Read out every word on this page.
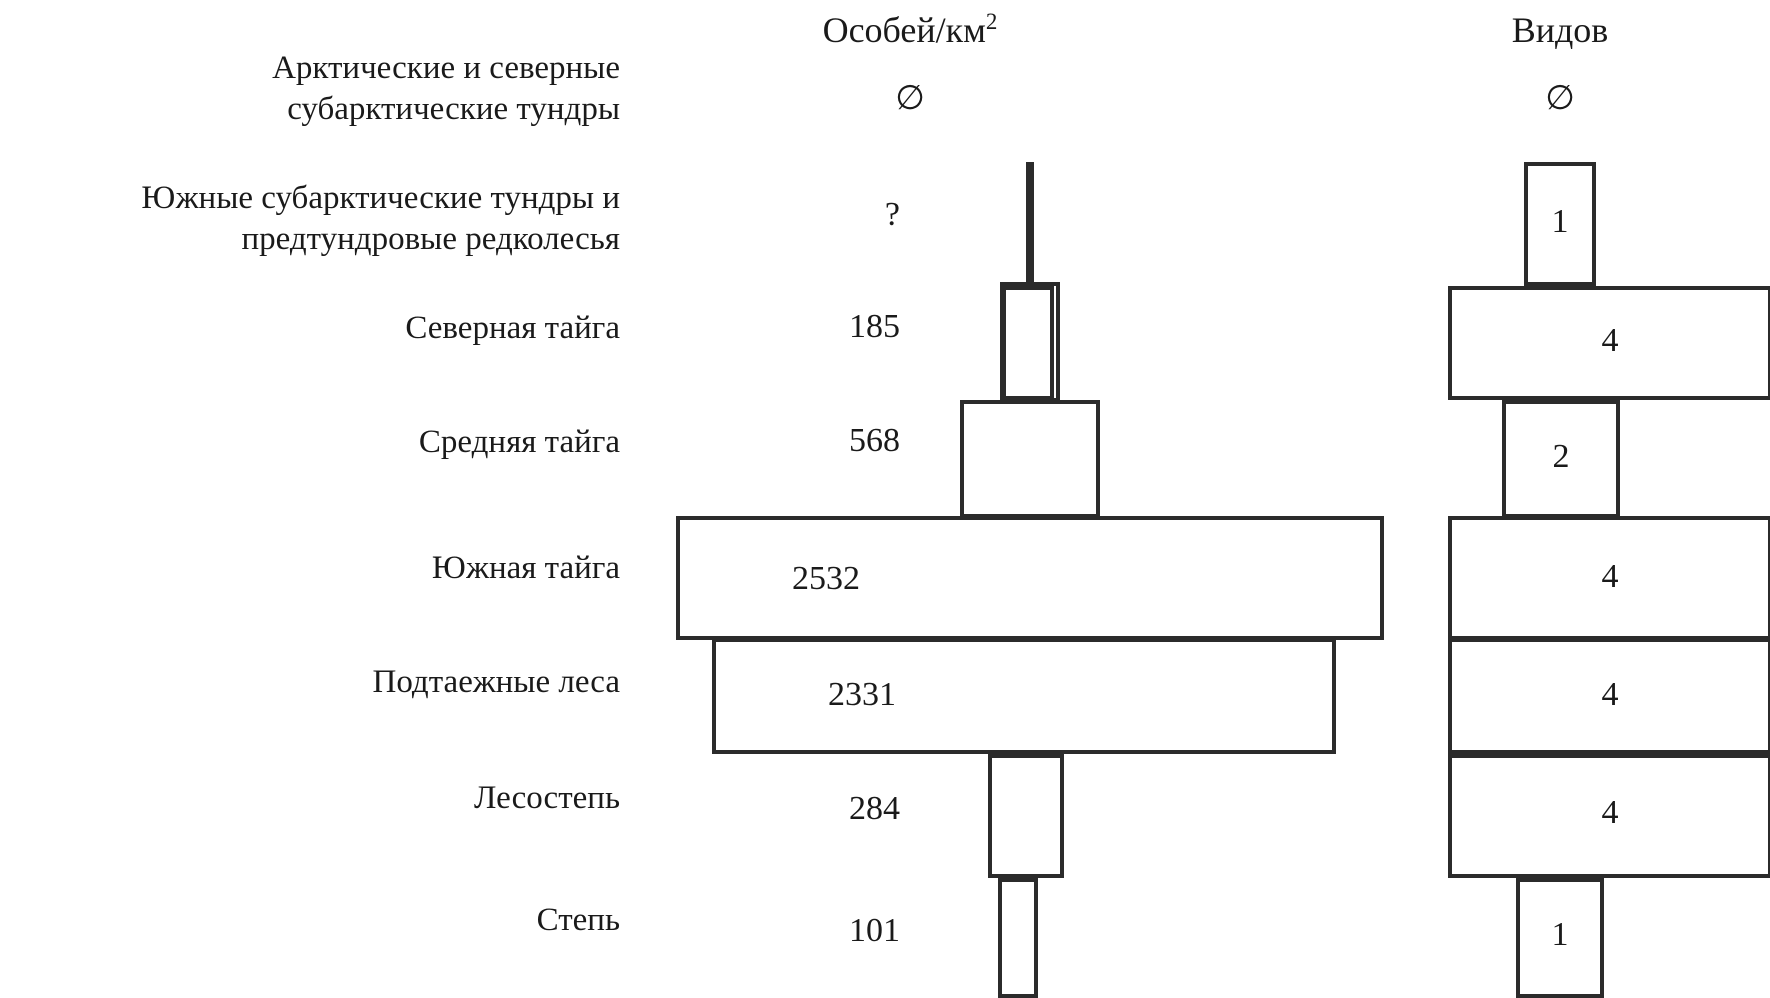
Особей/$км^2$
∅
Видов
∅
Арктические и северные субарктические тундры
Южные субарктические тундры и предтундровые редколесья
Северная тайга
Средняя тайга
Южная тайга
Подтаежные леса
Лесостепь
Степь
?
185
568
284
101
2532
2331
1
4
2
4
4
4
1
